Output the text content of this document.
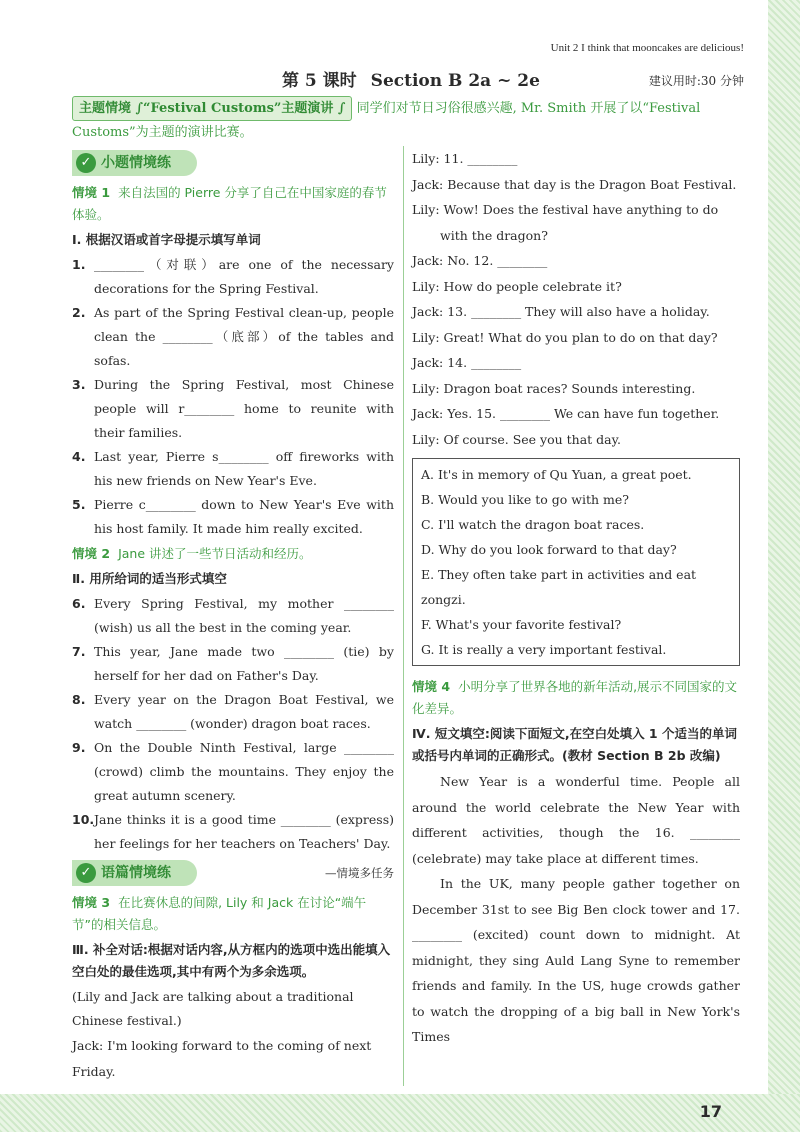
Unit 2 I think that mooncakes are delicious!
第 5 课时 Section B 2a ~ 2e	建议用时:30 分钟
主题情境 ∫“Festival Customs”主题演讲 ∫ 同学们对节日习俗很感兴趣, Mr. Smith 开展了以“Festival Customs”为主题的演讲比赛。
✓ 小题情境练
情境 1 来自法国的 Pierre 分享了自己在中国家庭的春节体验。
Ⅰ. 根据汉语或首字母提示填写单词
1. ________（对联）are one of the necessary decorations for the Spring Festival.
2. As part of the Spring Festival clean-up, people clean the ________（底部）of the tables and sofas.
3. During the Spring Festival, most Chinese people will r________ home to reunite with their families.
4. Last year, Pierre s________ off fireworks with his new friends on New Year's Eve.
5. Pierre c________ down to New Year's Eve with his host family. It made him really excited.
情境 2 Jane 讲述了一些节日活动和经历。
Ⅱ. 用所给词的适当形式填空
6. Every Spring Festival, my mother ________ (wish) us all the best in the coming year.
7. This year, Jane made two ________ (tie) by herself for her dad on Father's Day.
8. Every year on the Dragon Boat Festival, we watch ________ (wonder) dragon boat races.
9. On the Double Ninth Festival, large ________ (crowd) climb the mountains. They enjoy the great autumn scenery.
10. Jane thinks it is a good time ________ (express) her feelings for her teachers on Teachers' Day.
✓ 语篇情境练	—情境多任务
情境 3 在比赛休息的间隙, Lily 和 Jack 在讨论“端午节”的相关信息。
Ⅲ. 补全对话:根据对话内容,从方框内的选项中选出能填入空白处的最佳选项,其中有两个为多余选项。
(Lily and Jack are talking about a traditional Chinese festival.)
Jack: I'm looking forward to the coming of next Friday.
Lily: 11. ________
Jack: Because that day is the Dragon Boat Festival.
Lily: Wow! Does the festival have anything to do with the dragon?
Jack: No. 12. ________
Lily: How do people celebrate it?
Jack: 13. ________ They will also have a holiday.
Lily: Great! What do you plan to do on that day?
Jack: 14. ________
Lily: Dragon boat races? Sounds interesting.
Jack: Yes. 15. ________ We can have fun together.
Lily: Of course. See you that day.
A. It's in memory of Qu Yuan, a great poet.
B. Would you like to go with me?
C. I'll watch the dragon boat races.
D. Why do you look forward to that day?
E. They often take part in activities and eat zongzi.
F. What's your favorite festival?
G. It is really a very important festival.
情境 4 小明分享了世界各地的新年活动,展示不同国家的文化差异。
Ⅳ. 短文填空:阅读下面短文,在空白处填入 1 个适当的单词或括号内单词的正确形式。(教材 Section B 2b 改编)
New Year is a wonderful time. People all around the world celebrate the New Year with different activities, though the 16. ________ (celebrate) may take place at different times.
In the UK, many people gather together on December 31st to see Big Ben clock tower and 17. ________ (excited) count down to midnight. At midnight, they sing Auld Lang Syne to remember friends and family. In the US, huge crowds gather to watch the dropping of a big ball in New York's Times
17
